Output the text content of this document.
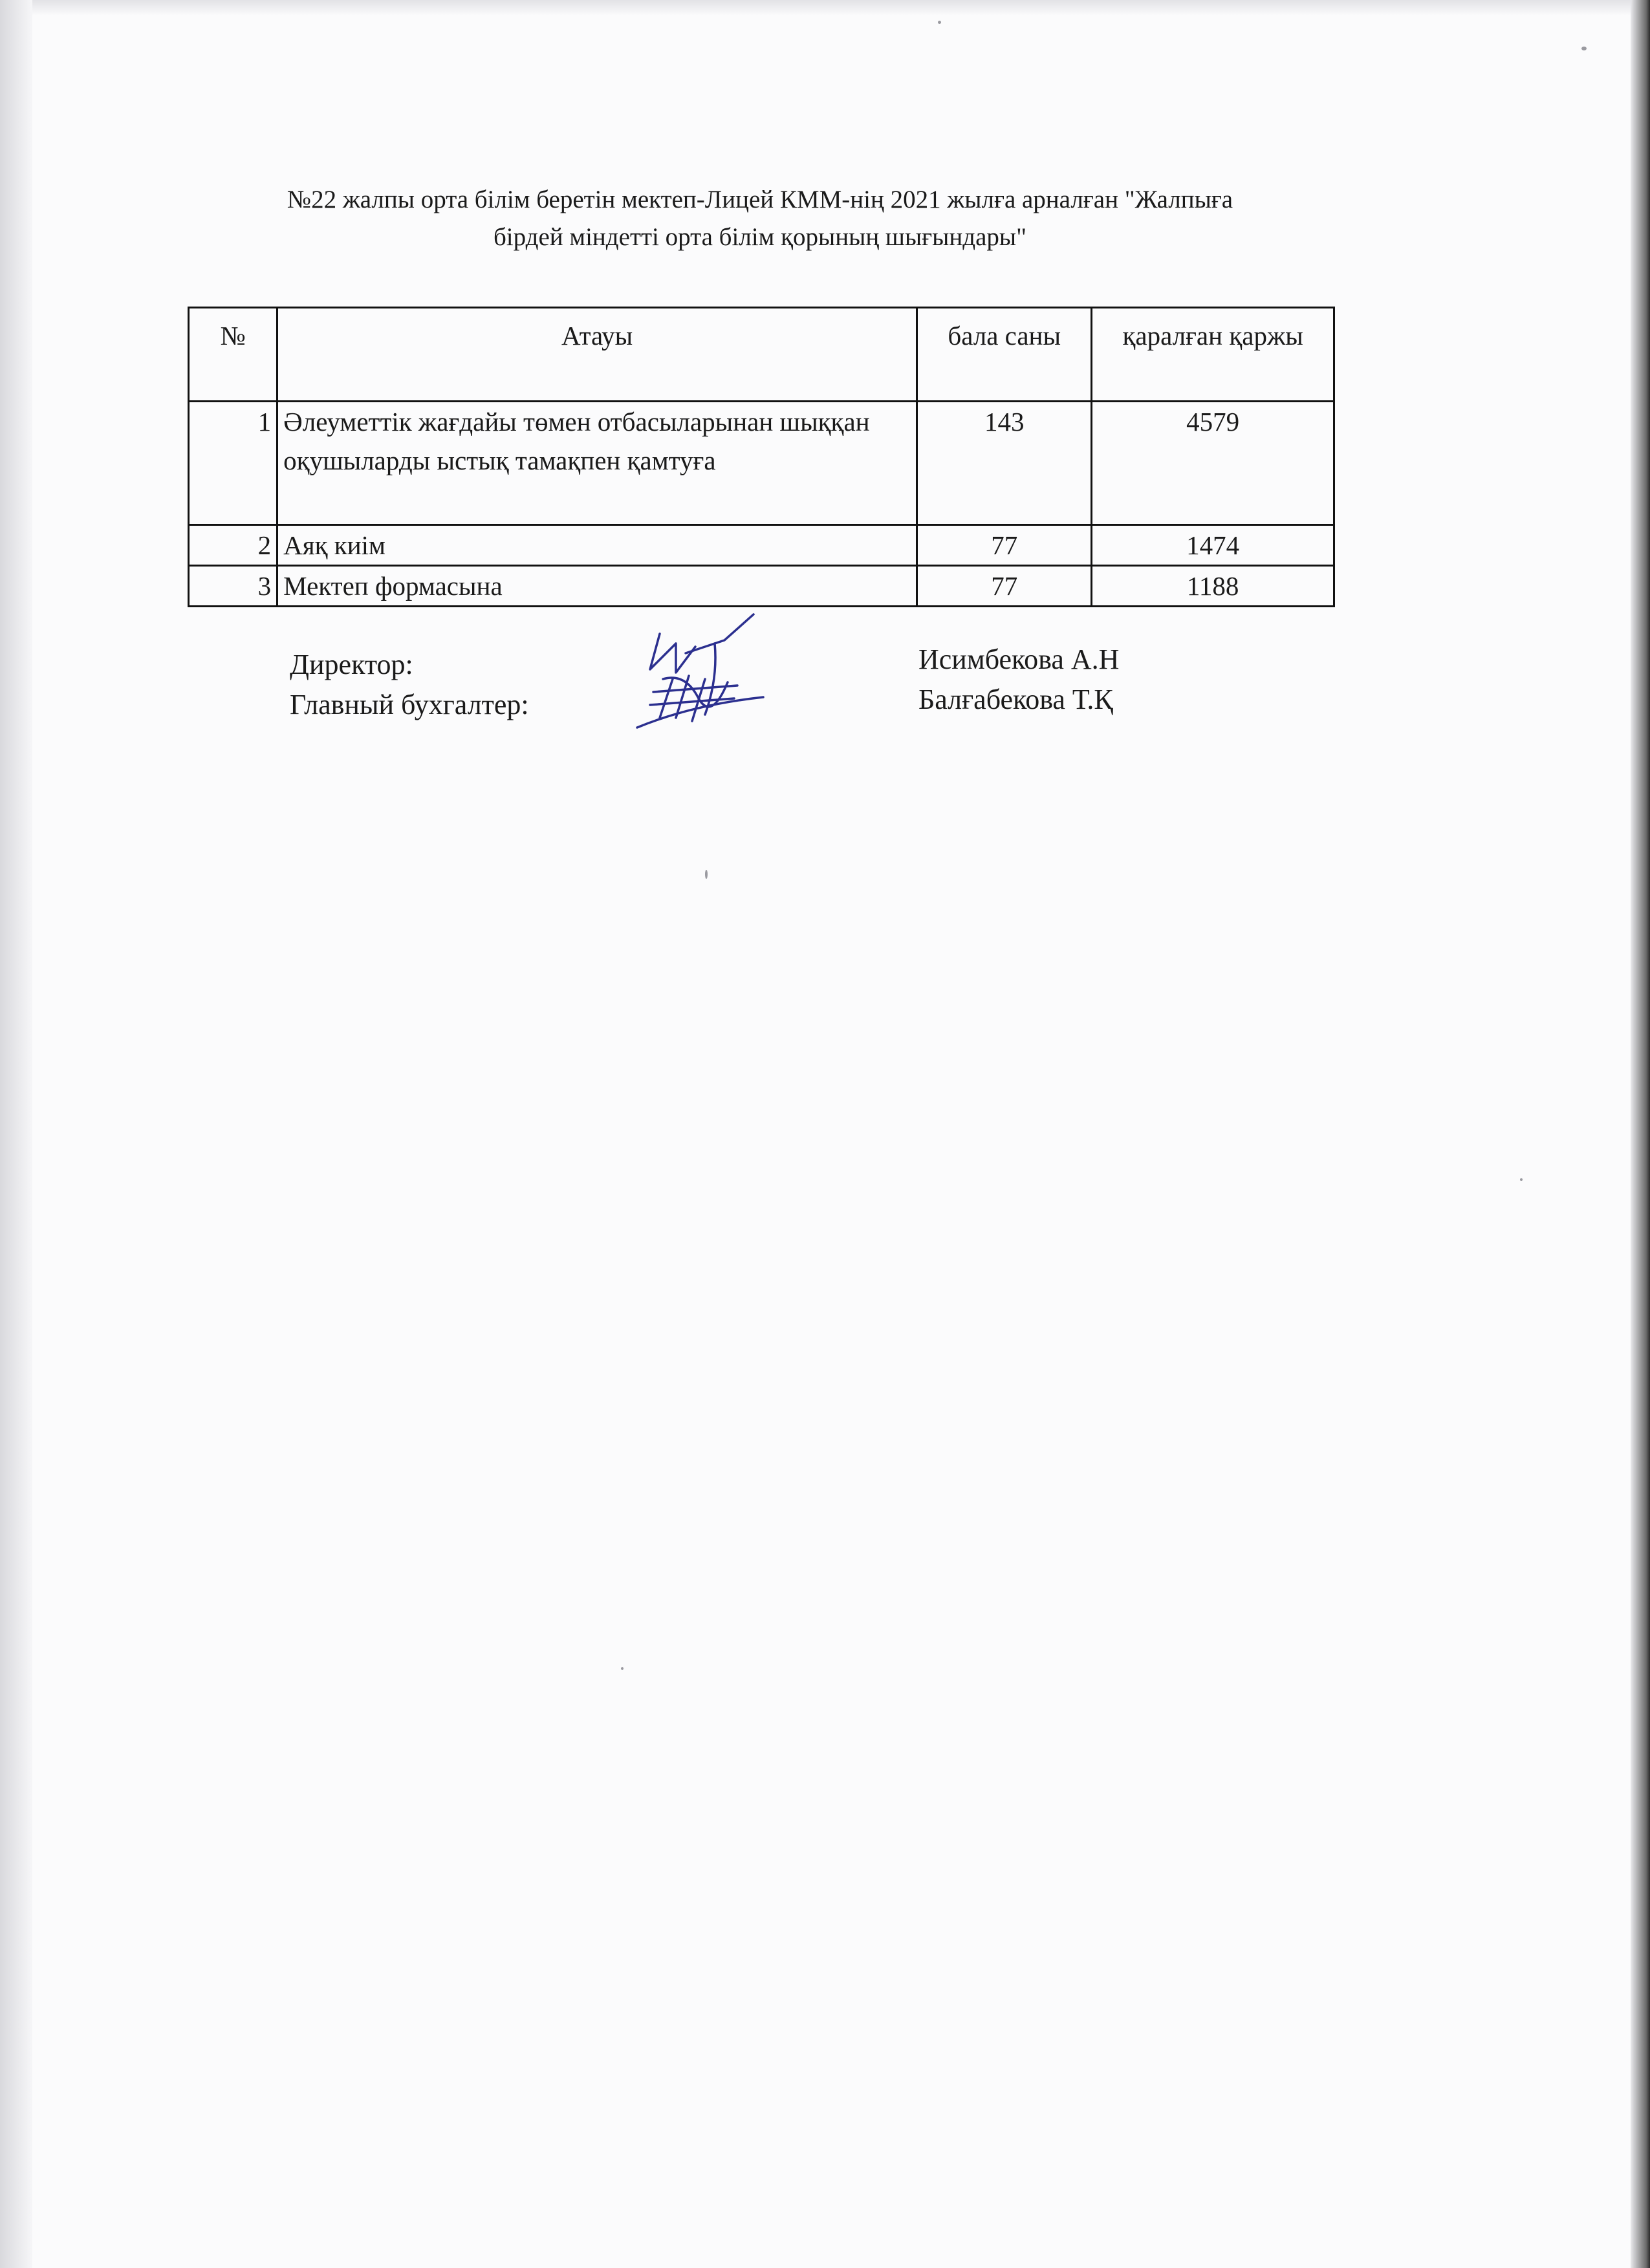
№22 жалпы орта білім беретін мектеп-Лицей КММ-нің 2021 жылға арналған "Жалпыға
бірдей міндетті орта білім қорының шығындары"
№	Атауы	бала саны	қаралған қаржы
1	Әлеуметтік жағдайы төмен отбасыларынан шыққан оқушыларды ыстық тамақпен қамтуға	143	4579
2	Аяқ киім	77	1474
3	Мектеп формасына	77	1188
Директор:
Главный бухгалтер:
Исимбекова А.Н
Балғабекова Т.Қ
